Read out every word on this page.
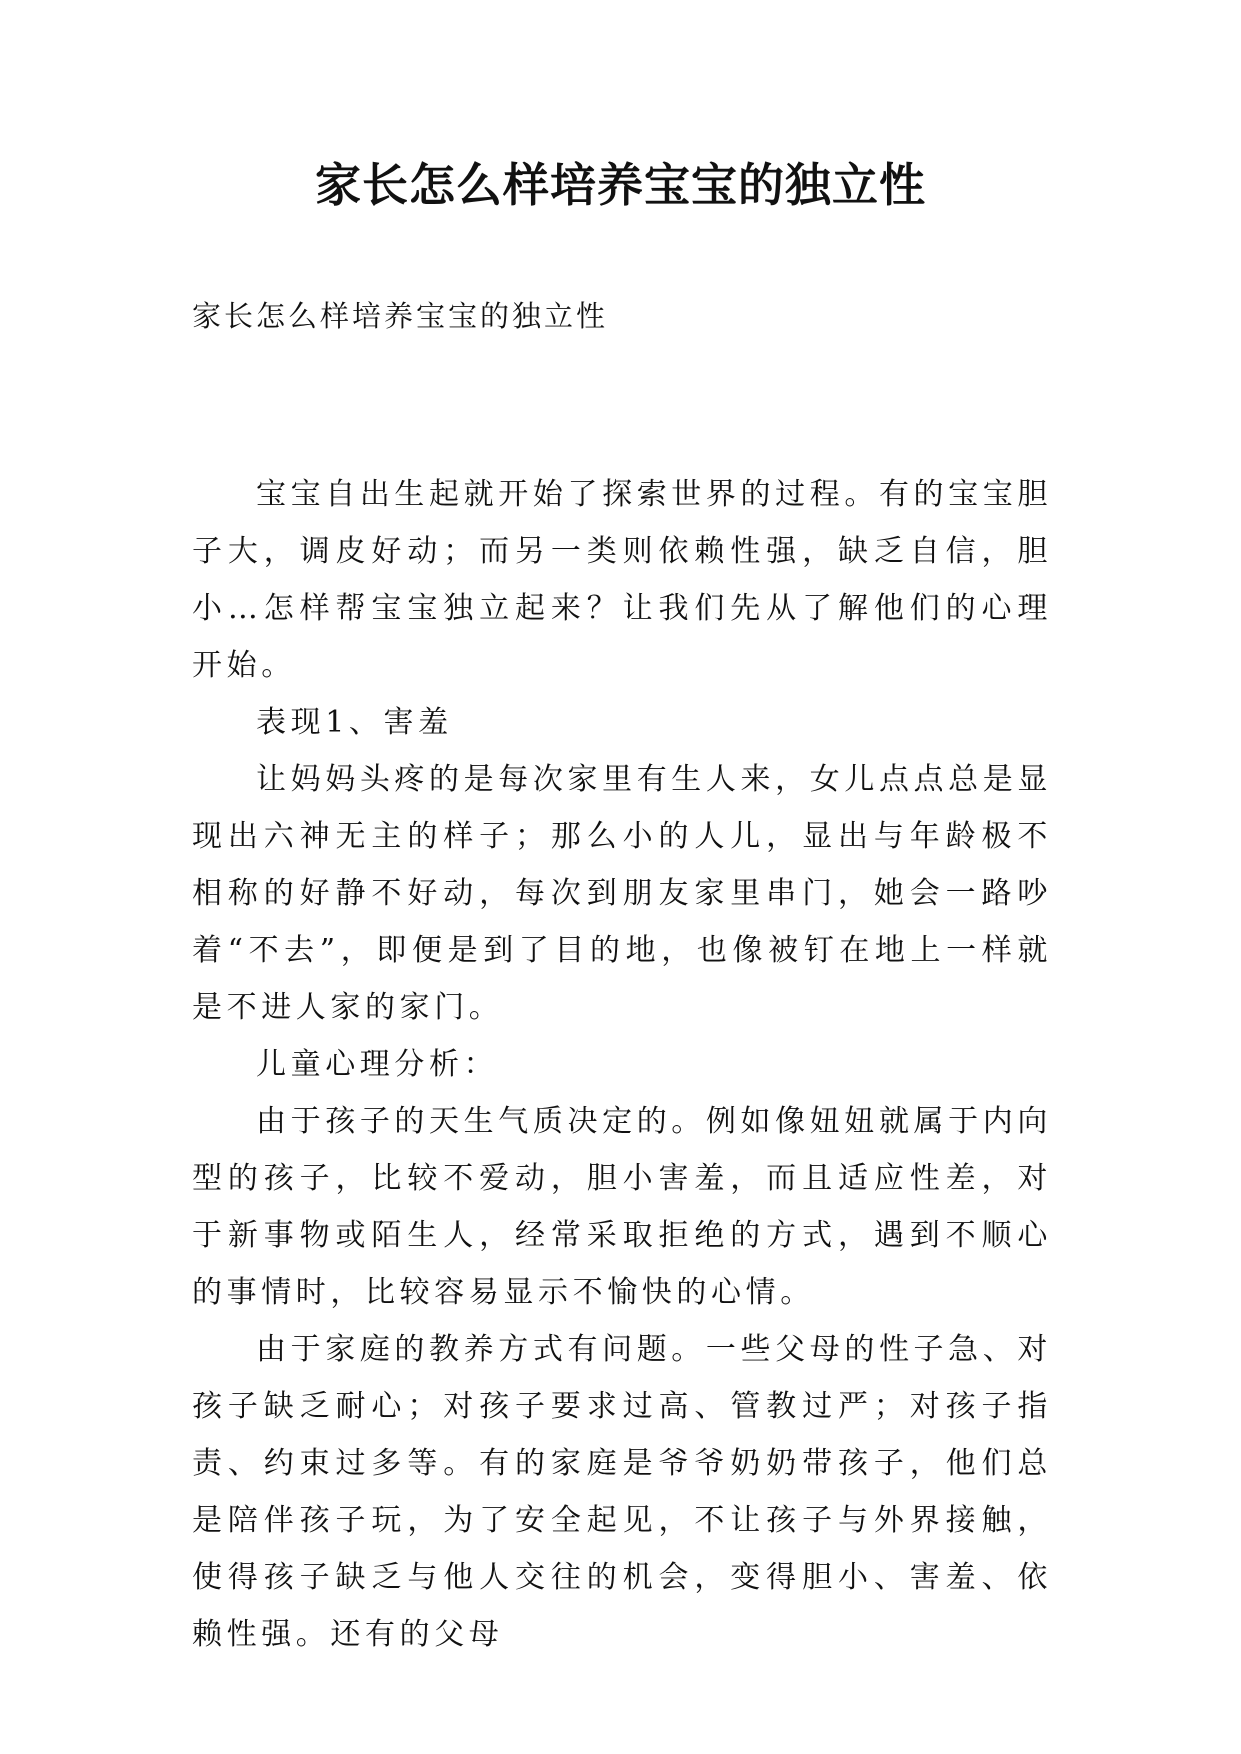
家长怎么样培养宝宝的独立性

家长怎么样培养宝宝的独立性

宝宝自出生起就开始了探索世界的过程。有的宝宝胆子大，调皮好动；而另一类则依赖性强，缺乏自信，胆小…怎样帮宝宝独立起来？让我们先从了解他们的心理开始。

表现1、害羞

让妈妈头疼的是每次家里有生人来，女儿点点总是显现出六神无主的样子；那么小的人儿，显出与年龄极不相称的好静不好动，每次到朋友家里串门，她会一路吵着“不去”，即便是到了目的地，也像被钉在地上一样就是不进人家的家门。

儿童心理分析：

由于孩子的天生气质决定的。例如像妞妞就属于内向型的孩子，比较不爱动，胆小害羞，而且适应性差，对于新事物或陌生人，经常采取拒绝的方式，遇到不顺心的事情时，比较容易显示不愉快的心情。

由于家庭的教养方式有问题。一些父母的性子急、对孩子缺乏耐心；对孩子要求过高、管教过严；对孩子指责、约束过多等。有的家庭是爷爷奶奶带孩子，他们总是陪伴孩子玩，为了安全起见，不让孩子与外界接触，使得孩子缺乏与他人交往的机会，变得胆小、害羞、依赖性强。还有的父母
